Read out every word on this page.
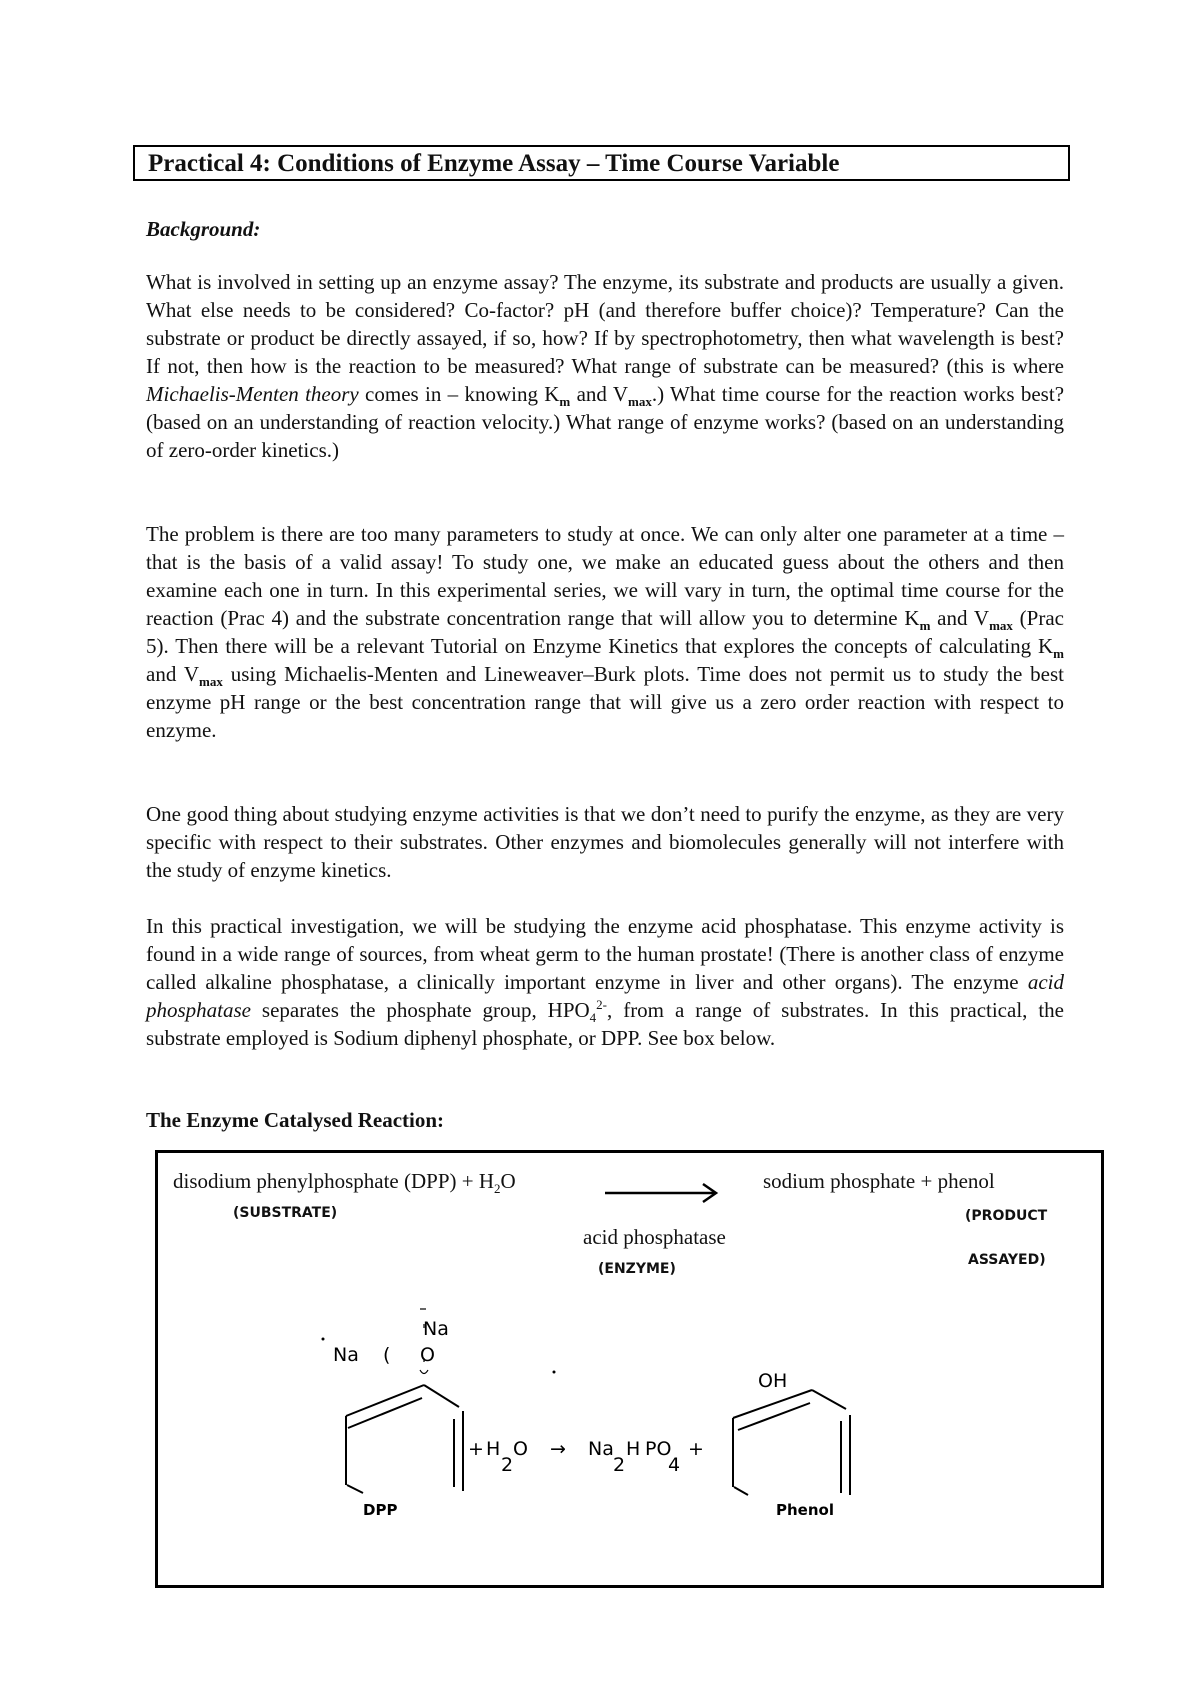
Practical 4: Conditions of Enzyme Assay – Time Course Variable
Background:

What is involved in setting up an enzyme assay? The enzyme, its substrate and products are usually a given. What else needs to be considered? Co-factor? pH (and therefore buffer choice)? Temperature? Can the substrate or product be directly assayed, if so, how? If by spectrophotometry, then what wavelength is best? If not, then how is the reaction to be measured? What range of substrate can be measured? (this is where Michaelis-Menten theory comes in – knowing $K_m$ and $V_{max}$.) What time course for the reaction works best? (based on an understanding of reaction velocity.) What range of enzyme works? (based on an understanding of zero-order kinetics.)

The problem is there are too many parameters to study at once. We can only alter one parameter at a time – that is the basis of a valid assay! To study one, we make an educated guess about the others and then examine each one in turn. In this experimental series, we will vary in turn, the optimal time course for the reaction (Prac 4) and the substrate concentration range that will allow you to determine $K_m$ and $V_{max}$ (Prac 5). Then there will be a relevant Tutorial on Enzyme Kinetics that explores the concepts of calculating $K_m$ and $V_{max}$ using Michaelis-Menten and Lineweaver–Burk plots. Time does not permit us to study the best enzyme pH range or the best concentration range that will give us a zero order reaction with respect to enzyme.

One good thing about studying enzyme activities is that we don’t need to purify the enzyme, as they are very specific with respect to their substrates. Other enzymes and biomolecules generally will not interfere with the study of enzyme kinetics.

In this practical investigation, we will be studying the enzyme acid phosphatase. This enzyme activity is found in a wide range of sources, from wheat germ to the human prostate! (There is another class of enzyme called alkaline phosphatase, a clinically important enzyme in liver and other organs). The enzyme acid phosphatase separates the phosphate group, $HPO_4^{2-}$, from a range of substrates. In this practical, the substrate employed is Sodium diphenyl phosphate, or DPP. See box below.

The Enzyme Catalysed Reaction:
disodium phenylphosphate $(DPP) + H_2O$
(SUBSTRATE)
sodium phosphate + phenol
(PRODUCT
ASSAYED)
acid phosphatase
(ENZYME)
Na
O
Na (
OH
+ H
2
O → Na
2
H PO
4
+
DPP	Phenol
